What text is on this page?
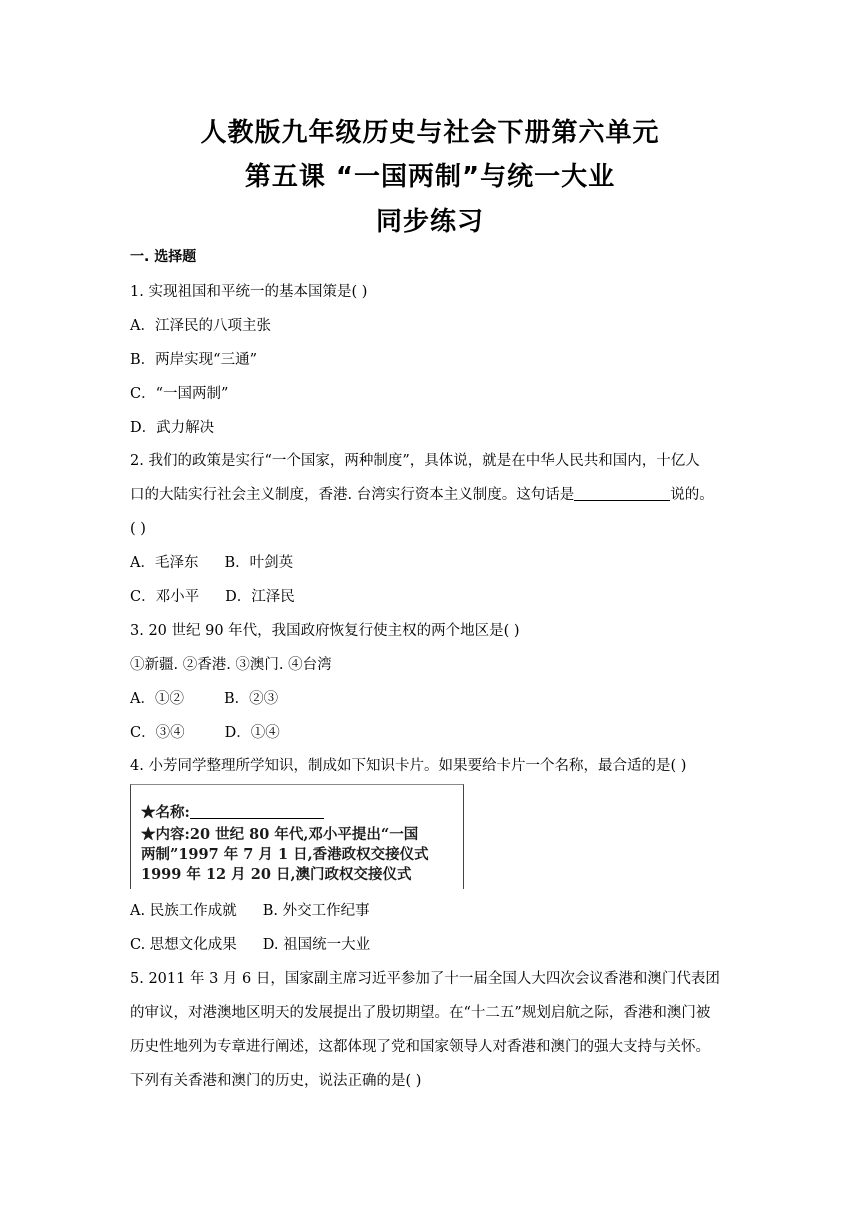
人教版九年级历史与社会下册第六单元
第五课 “一国两制”与统一大业
同步练习
一. 选择题
1. 实现祖国和平统一的基本国策是( )
A．江泽民的八项主张
B．两岸实现“三通”
C．“一国两制”
D．武力解决
2. 我们的政策是实行“一个国家，两种制度”，具体说，就是在中华人民共和国内，十亿人
口的大陆实行社会主义制度，香港. 台湾实行资本主义制度。这句话是	说的。
( )
A．毛泽东 B．叶剑英
C．邓小平 D．江泽民
3. 20 世纪 90 年代，我国政府恢复行使主权的两个地区是( )
①新疆. ②香港. ③澳门. ④台湾
A．①②	B．②③
C．③④	D．①④
4. 小芳同学整理所学知识，制成如下知识卡片。如果要给卡片一个名称，最合适的是( )
★名称:
★内容:20 世纪 80 年代,邓小平提出“一国
两制”1997 年 7 月 1 日,香港政权交接仪式
1999 年 12 月 20 日,澳门政权交接仪式
A. 民族工作成就 B. 外交工作纪事
C. 思想文化成果 D. 祖国统一大业
5. 2011 年 3 月 6 日，国家副主席习近平参加了十一届全国人大四次会议香港和澳门代表团
的审议，对港澳地区明天的发展提出了殷切期望。在“十二五”规划启航之际，香港和澳门被
历史性地列为专章进行阐述，这都体现了党和国家领导人对香港和澳门的强大支持与关怀。
下列有关香港和澳门的历史，说法正确的是( )
